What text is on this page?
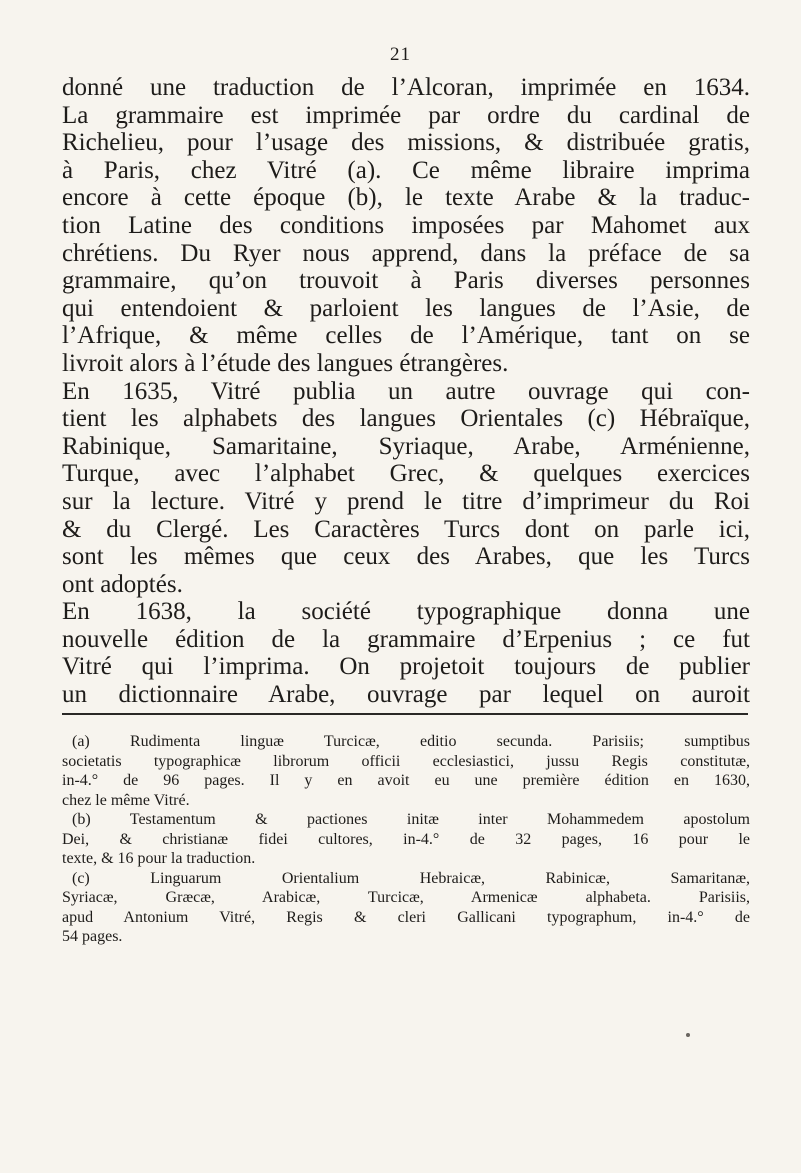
21
donné une traduction de l’Alcoran, imprimée en 1634.
La grammaire est imprimée par ordre du cardinal de
Richelieu, pour l’usage des missions, & distribuée gratis,
à Paris, chez Vitré (a). Ce même libraire imprima
encore à cette époque (b), le texte Arabe & la traduc-
tion Latine des conditions imposées par Mahomet aux
chrétiens. Du Ryer nous apprend, dans la préface de sa
grammaire, qu’on trouvoit à Paris diverses personnes
qui entendoient & parloient les langues de l’Asie, de
l’Afrique, & même celles de l’Amérique, tant on se
livroit alors à l’étude des langues étrangères.
En 1635, Vitré publia un autre ouvrage qui con-
tient les alphabets des langues Orientales (c) Hébraïque,
Rabinique, Samaritaine, Syriaque, Arabe, Arménienne,
Turque, avec l’alphabet Grec, & quelques exercices
sur la lecture. Vitré y prend le titre d’imprimeur du Roi
& du Clergé. Les Caractères Turcs dont on parle ici,
sont les mêmes que ceux des Arabes, que les Turcs
ont adoptés.
En 1638, la société typographique donna une
nouvelle édition de la grammaire d’Erpenius ; ce fut
Vitré qui l’imprima. On projetoit toujours de publier
un dictionnaire Arabe, ouvrage par lequel on auroit
(a) Rudimenta linguæ Turcicæ, editio secunda. Parisiis; sumptibus
societatis typographicæ librorum officii ecclesiastici, jussu Regis constitutæ,
in-4.° de 96 pages. Il y en avoit eu une première édition en 1630,
chez le même Vitré.
(b) Testamentum & pactiones initæ inter Mohammedem apostolum
Dei, & christianæ fidei cultores, in-4.° de 32 pages, 16 pour le
texte, & 16 pour la traduction.
(c) Linguarum Orientalium Hebraicæ, Rabinicæ, Samaritanæ,
Syriacæ, Græcæ, Arabicæ, Turcicæ, Armenicæ alphabeta. Parisiis,
apud Antonium Vitré, Regis & cleri Gallicani typographum, in-4.° de
54 pages.
